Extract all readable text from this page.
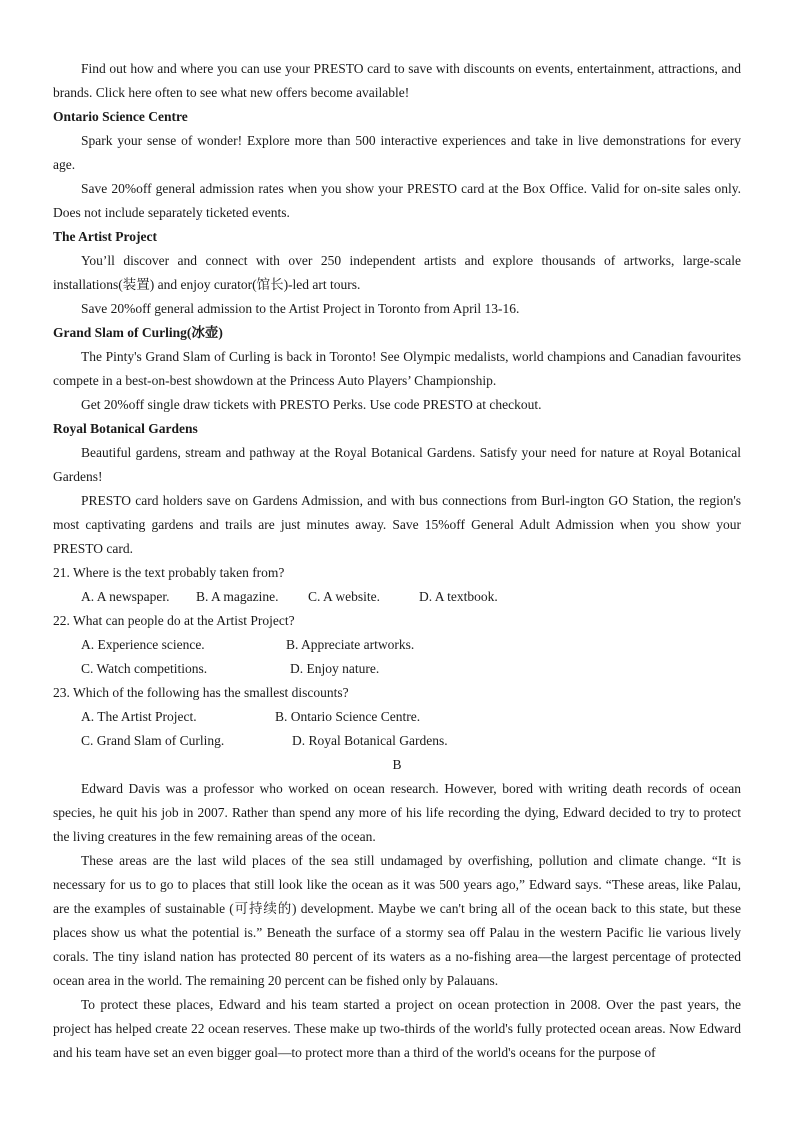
Find out how and where you can use your PRESTO card to save with discounts on events, entertainment, attractions, and brands. Click here often to see what new offers become available!

Ontario Science Centre

Spark your sense of wonder! Explore more than 500 interactive experiences and take in live demonstrations for every age.

Save 20%off general admission rates when you show your PRESTO card at the Box Office. Valid for on-site sales only. Does not include separately ticketed events.

The Artist Project

You’ll discover and connect with over 250 independent artists and explore thousands of artworks, large-scale installations(装置) and enjoy curator(馆长)-led art tours.

Save 20%off general admission to the Artist Project in Toronto from April 13-16.

Grand Slam of Curling(冰壶)

The Pinty's Grand Slam of Curling is back in Toronto! See Olympic medalists, world champions and Canadian favourites compete in a best-on-best showdown at the Princess Auto Players’ Championship.

Get 20%off single draw tickets with PRESTO Perks. Use code PRESTO at checkout.

Royal Botanical Gardens

Beautiful gardens, stream and pathway at the Royal Botanical Gardens. Satisfy your need for nature at Royal Botanical Gardens!

PRESTO card holders save on Gardens Admission, and with bus connections from Burl-ington GO Station, the region's most captivating gardens and trails are just minutes away. Save 15%off General Adult Admission when you show your PRESTO card.

21. Where is the text probably taken from?

A. A newspaper. B. A magazine. C. A website.	D. A textbook.

22. What can people do at the Artist Project?

A. Experience science.	B. Appreciate artworks.

C. Watch competitions.	D. Enjoy nature.

23. Which of the following has the smallest discounts?

A. The Artist Project.	B. Ontario Science Centre.

C. Grand Slam of Curling.	D. Royal Botanical Gardens.

B

Edward Davis was a professor who worked on ocean research. However, bored with writing death records of ocean species, he quit his job in 2007. Rather than spend any more of his life recording the dying, Edward decided to try to protect the living creatures in the few remaining areas of the ocean.

These areas are the last wild places of the sea still undamaged by overfishing, pollution and climate change. “It is necessary for us to go to places that still look like the ocean as it was 500 years ago,” Edward says. “These areas, like Palau, are the examples of sustainable (可持续的) development. Maybe we can't bring all of the ocean back to this state, but these places show us what the potential is.” Beneath the surface of a stormy sea off Palau in the western Pacific lie various lively corals. The tiny island nation has protected 80 percent of its waters as a no-fishing area—the largest percentage of protected ocean area in the world. The remaining 20 percent can be fished only by Palauans.

To protect these places, Edward and his team started a project on ocean protection in 2008. Over the past years, the project has helped create 22 ocean reserves. These make up two-thirds of the world's fully protected ocean areas. Now Edward and his team have set an even bigger goal—to protect more than a third of the world's oceans for the purpose of
